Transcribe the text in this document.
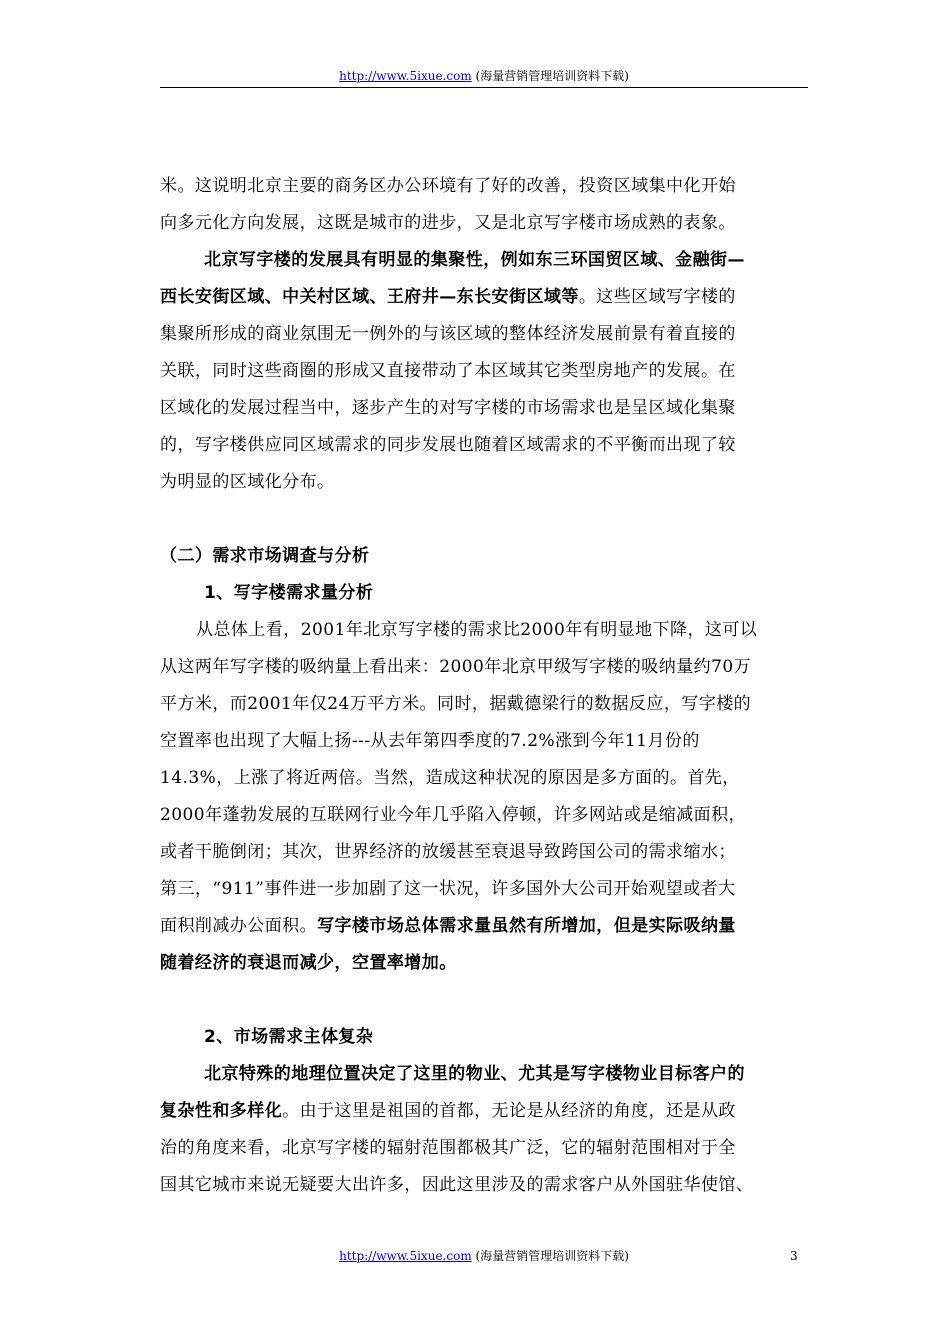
http://www.5ixue.com (海量营销管理培训资料下载)
米。这说明北京主要的商务区办公环境有了好的改善，投资区域集中化开始
向多元化方向发展，这既是城市的进步，又是北京写字楼市场成熟的表象。
北京写字楼的发展具有明显的集聚性，例如东三环国贸区域、金融街—
西长安街区域、中关村区域、王府井—东长安街区域等。这些区域写字楼的
集聚所形成的商业氛围无一例外的与该区域的整体经济发展前景有着直接的
关联，同时这些商圈的形成又直接带动了本区域其它类型房地产的发展。在
区域化的发展过程当中，逐步产生的对写字楼的市场需求也是呈区域化集聚
的，写字楼供应同区域需求的同步发展也随着区域需求的不平衡而出现了较
为明显的区域化分布。
（二）需求市场调查与分析
1、写字楼需求量分析
从总体上看，2001年北京写字楼的需求比2000年有明显地下降，这可以
从这两年写字楼的吸纳量上看出来：2000年北京甲级写字楼的吸纳量约70万
平方米，而2001年仅24万平方米。同时，据戴德梁行的数据反应，写字楼的
空置率也出现了大幅上扬---从去年第四季度的7.2%涨到今年11月份的
14.3%，上涨了将近两倍。当然，造成这种状况的原因是多方面的。首先，
2000年蓬勃发展的互联网行业今年几乎陷入停顿，许多网站或是缩减面积，
或者干脆倒闭；其次，世界经济的放缓甚至衰退导致跨国公司的需求缩水；
第三，“911”事件进一步加剧了这一状况，许多国外大公司开始观望或者大
面积削减办公面积。写字楼市场总体需求量虽然有所增加，但是实际吸纳量
随着经济的衰退而减少，空置率增加。
2、市场需求主体复杂
北京特殊的地理位置决定了这里的物业、尤其是写字楼物业目标客户的
复杂性和多样化。由于这里是祖国的首都，无论是从经济的角度，还是从政
治的角度来看，北京写字楼的辐射范围都极其广泛，它的辐射范围相对于全
国其它城市来说无疑要大出许多，因此这里涉及的需求客户从外国驻华使馆、
http://www.5ixue.com (海量营销管理培训资料下载)	3
